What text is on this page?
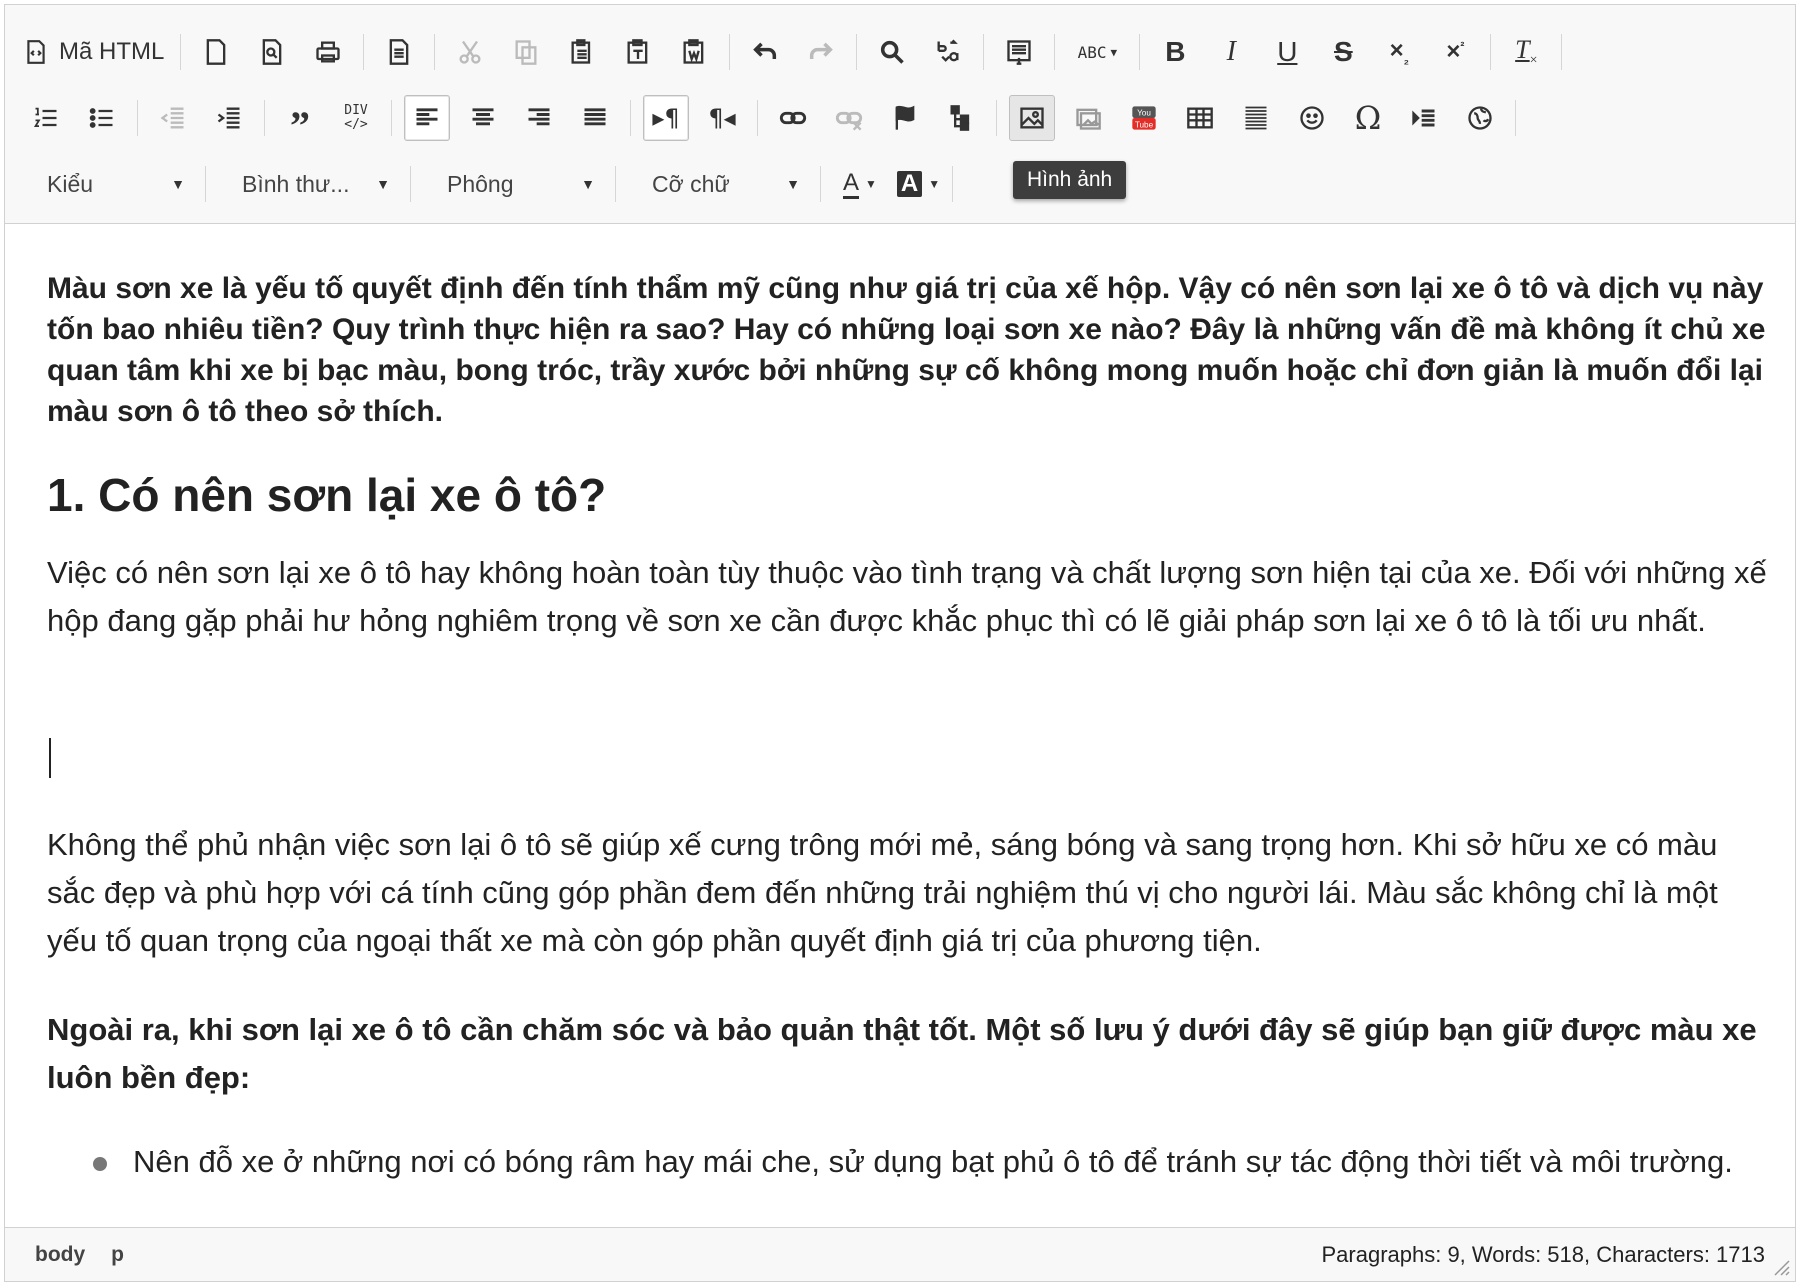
Mã HTML	ABC ▼ B I U $S \times_{_2} \times^{^2}$ $T_\times$
”	DIV
</>	▸¶ ¶◂	You
Tube	Ω
Kiểu	▼ Bình thư... ▼ Phông	▼ Cỡ chữ	▼ A ▼ A ▼	Hình ảnh

Màu sơn xe là yếu tố quyết định đến tính thẩm mỹ cũng như giá trị của xế hộp. Vậy có nên sơn lại xe ô tô và dịch vụ này tốn bao nhiêu tiền? Quy trình thực hiện ra sao? Hay có những loại sơn xe nào? Đây là những vấn đề mà không ít chủ xe quan tâm khi xe bị bạc màu, bong tróc, trầy xước bởi những sự cố không mong muốn hoặc chỉ đơn giản là muốn đổi lại màu sơn ô tô theo sở thích.

1. Có nên sơn lại xe ô tô?

Việc có nên sơn lại xe ô tô hay không hoàn toàn tùy thuộc vào tình trạng và chất lượng sơn hiện tại của xe. Đối với những xế hộp đang gặp phải hư hỏng nghiêm trọng về sơn xe cần được khắc phục thì có lẽ giải pháp sơn lại xe ô tô là tối ưu nhất.

Không thể phủ nhận việc sơn lại ô tô sẽ giúp xế cưng trông mới mẻ, sáng bóng và sang trọng hơn. Khi sở hữu xe có màu sắc đẹp và phù hợp với cá tính cũng góp phần đem đến những trải nghiệm thú vị cho người lái. Màu sắc không chỉ là một yếu tố quan trọng của ngoại thất xe mà còn góp phần quyết định giá trị của phương tiện.

Ngoài ra, khi sơn lại xe ô tô cần chăm sóc và bảo quản thật tốt. Một số lưu ý dưới đây sẽ giúp bạn giữ được màu xe luôn bền đẹp:

Nên đỗ xe ở những nơi có bóng râm hay mái che, sử dụng bạt phủ ô tô để tránh sự tác động thời tiết và môi trường.
body p	Paragraphs: 9, Words: 518, Characters: 1713
